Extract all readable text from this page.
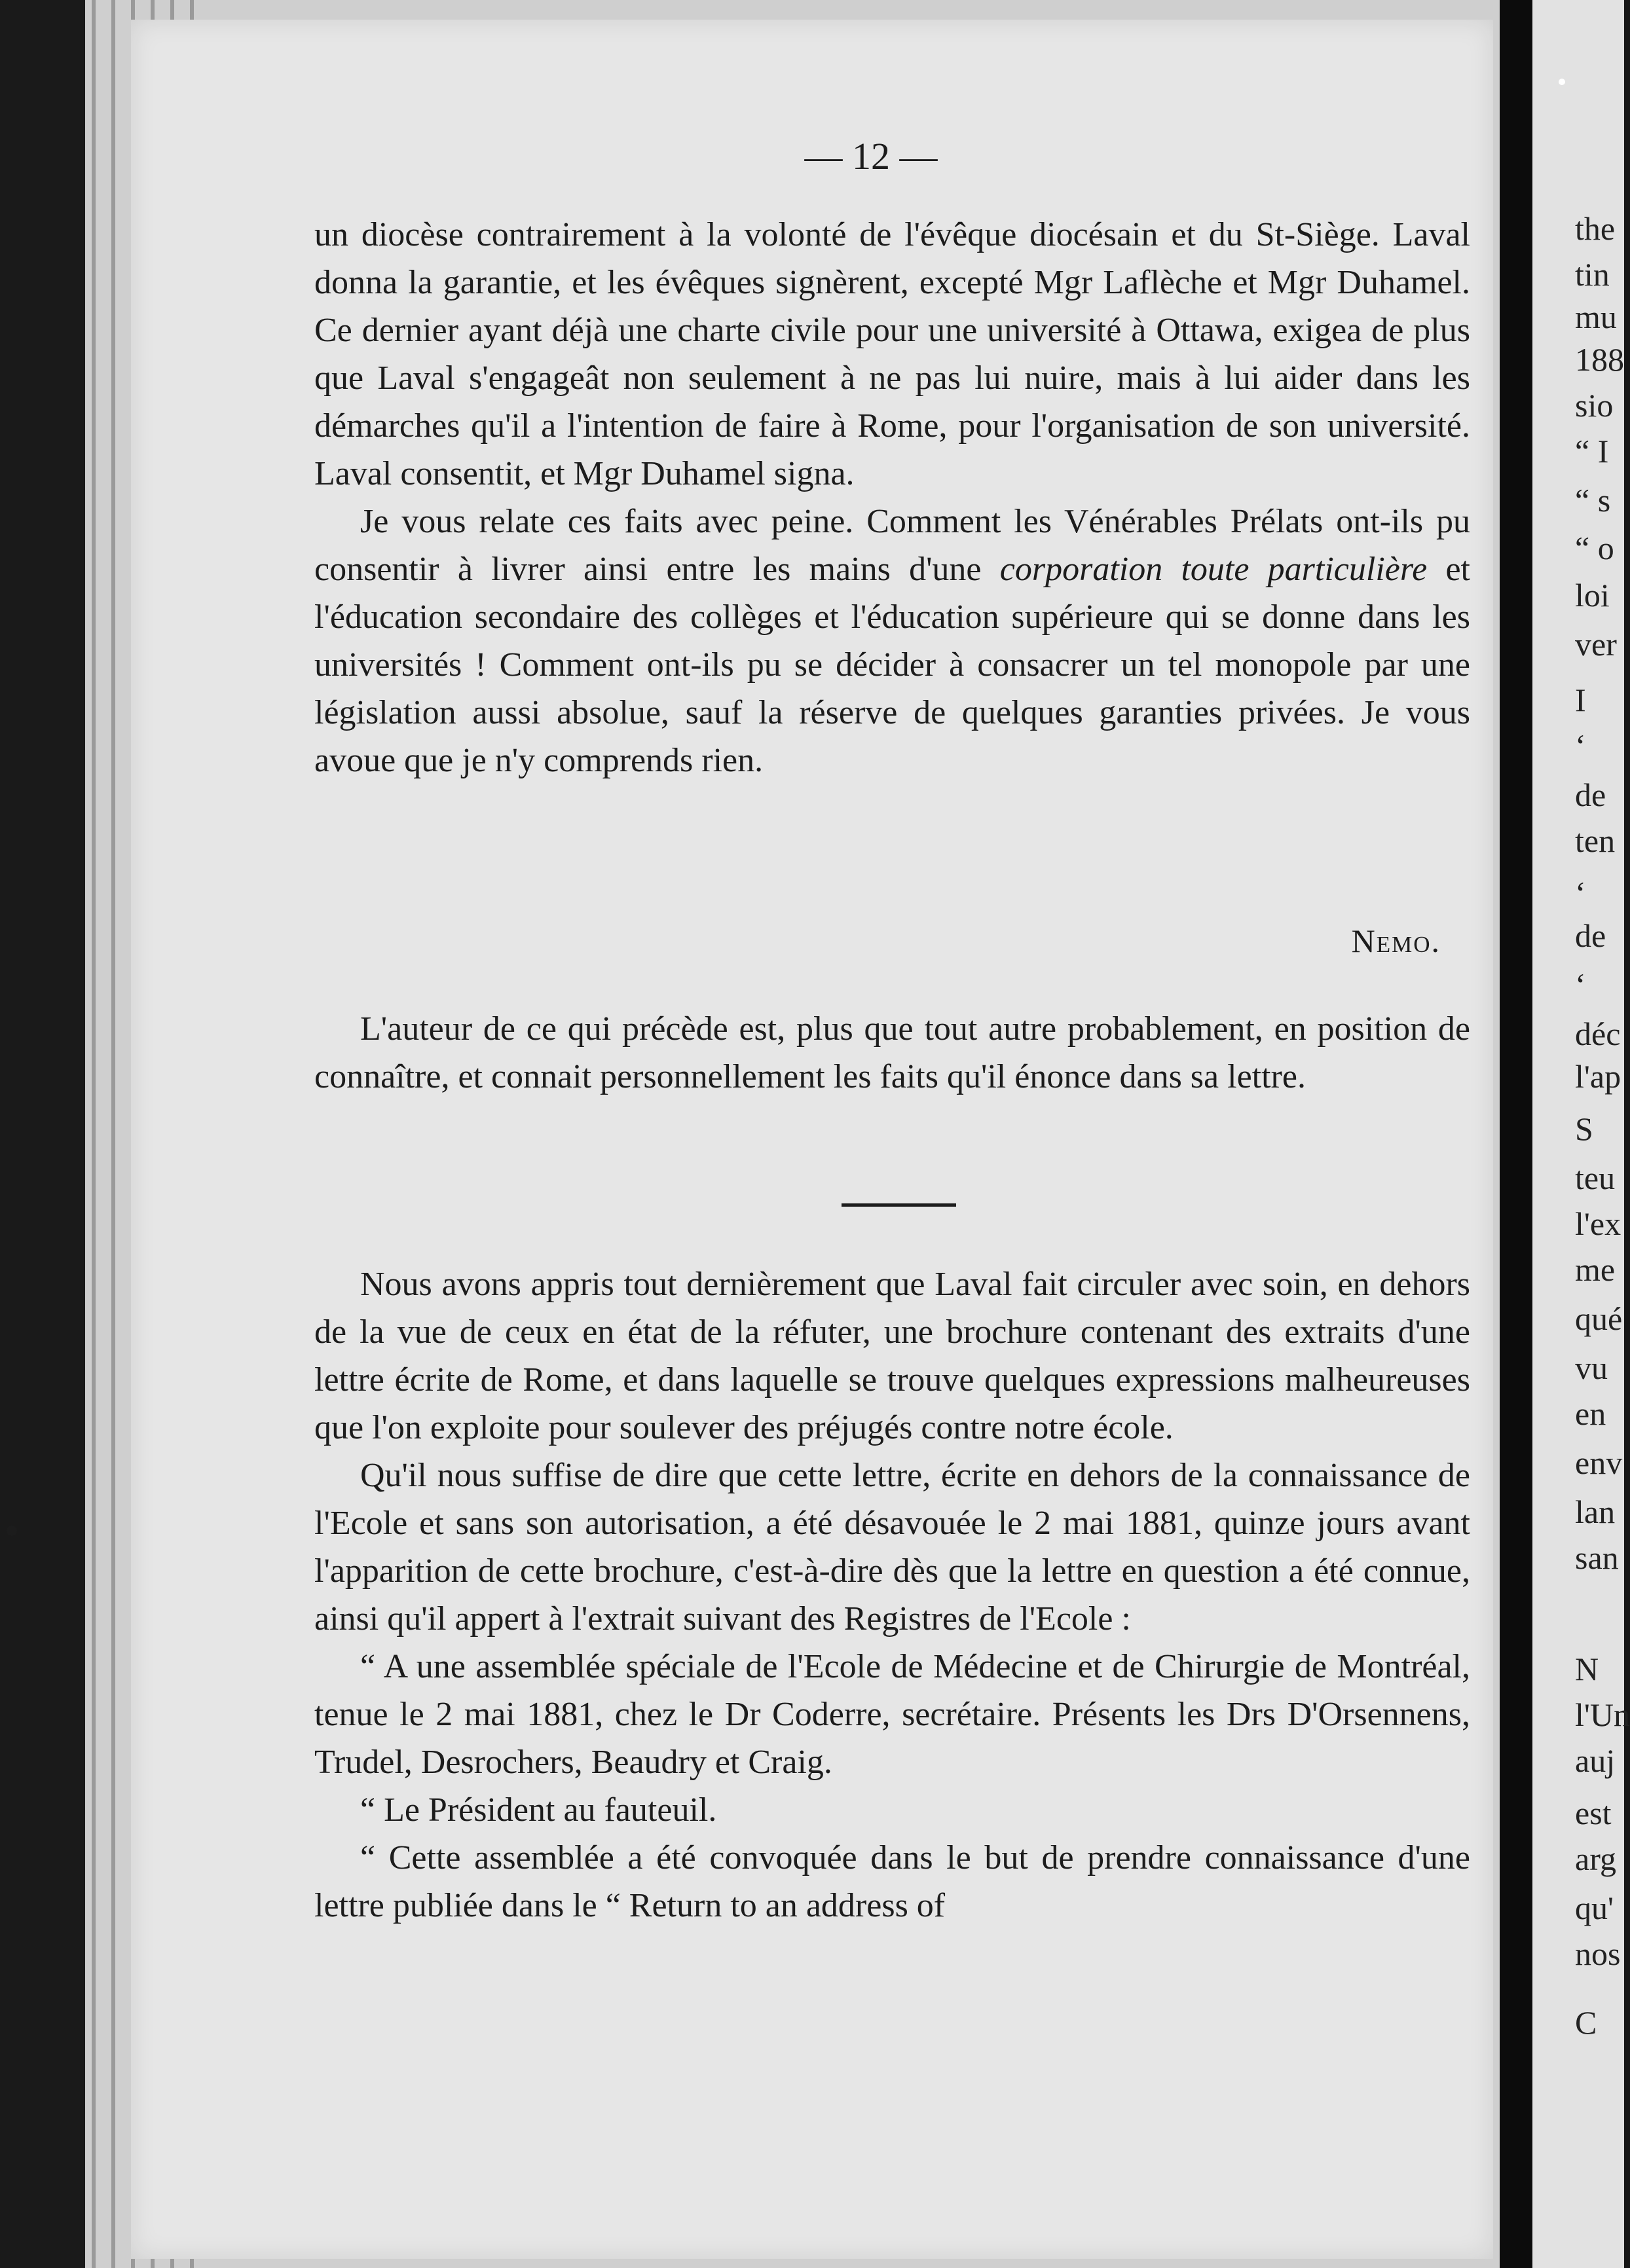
the
tin
mu
188
sio
“ I
“ s
“ o
loi
ver
I
‘
de
ten
‘
de
‘
déc
l'ap
S
teu
l'ex
me
qué
vu
en
env
lan
san
N
l'Un
auj
est
arg
qu'
nos
C
— 12 —

un diocèse contrairement à la volonté de l'évêque diocésain et du St-Siège. Laval donna la garantie, et les évêques signèrent, excepté Mgr Laflèche et Mgr Duhamel. Ce dernier ayant déjà une charte civile pour une université à Ottawa, exigea de plus que Laval s'engageât non seulement à ne pas lui nuire, mais à lui aider dans les démarches qu'il a l'intention de faire à Rome, pour l'organisation de son université. Laval consentit, et Mgr Duhamel signa.

Je vous relate ces faits avec peine. Comment les Vénérables Prélats ont-ils pu consentir à livrer ainsi entre les mains d'une corporation toute particulière et l'éducation secondaire des collèges et l'éducation supérieure qui se donne dans les universités ! Comment ont-ils pu se décider à consacrer un tel monopole par une législation aussi absolue, sauf la réserve de quelques garanties privées. Je vous avoue que je n'y comprends rien.

Nemo.

L'auteur de ce qui précède est, plus que tout autre probablement, en position de connaître, et connait personnellement les faits qu'il énonce dans sa lettre.

Nous avons appris tout dernièrement que Laval fait circuler avec soin, en dehors de la vue de ceux en état de la réfuter, une brochure contenant des extraits d'une lettre écrite de Rome, et dans laquelle se trouve quelques expressions malheureuses que l'on exploite pour soulever des préjugés contre notre école.

Qu'il nous suffise de dire que cette lettre, écrite en dehors de la connaissance de l'Ecole et sans son autorisation, a été désavouée le 2 mai 1881, quinze jours avant l'apparition de cette brochure, c'est-à-dire dès que la lettre en question a été connue, ainsi qu'il appert à l'extrait suivant des Registres de l'Ecole :

“ A une assemblée spéciale de l'Ecole de Médecine et de Chirurgie de Montréal, tenue le 2 mai 1881, chez le Dr Coderre, secrétaire. Présents les Drs D'Orsennens, Trudel, Desrochers, Beaudry et Craig.

“ Le Président au fauteuil.

“ Cette assemblée a été convoquée dans le but de prendre connaissance d'une lettre publiée dans le “ Return to an address of
